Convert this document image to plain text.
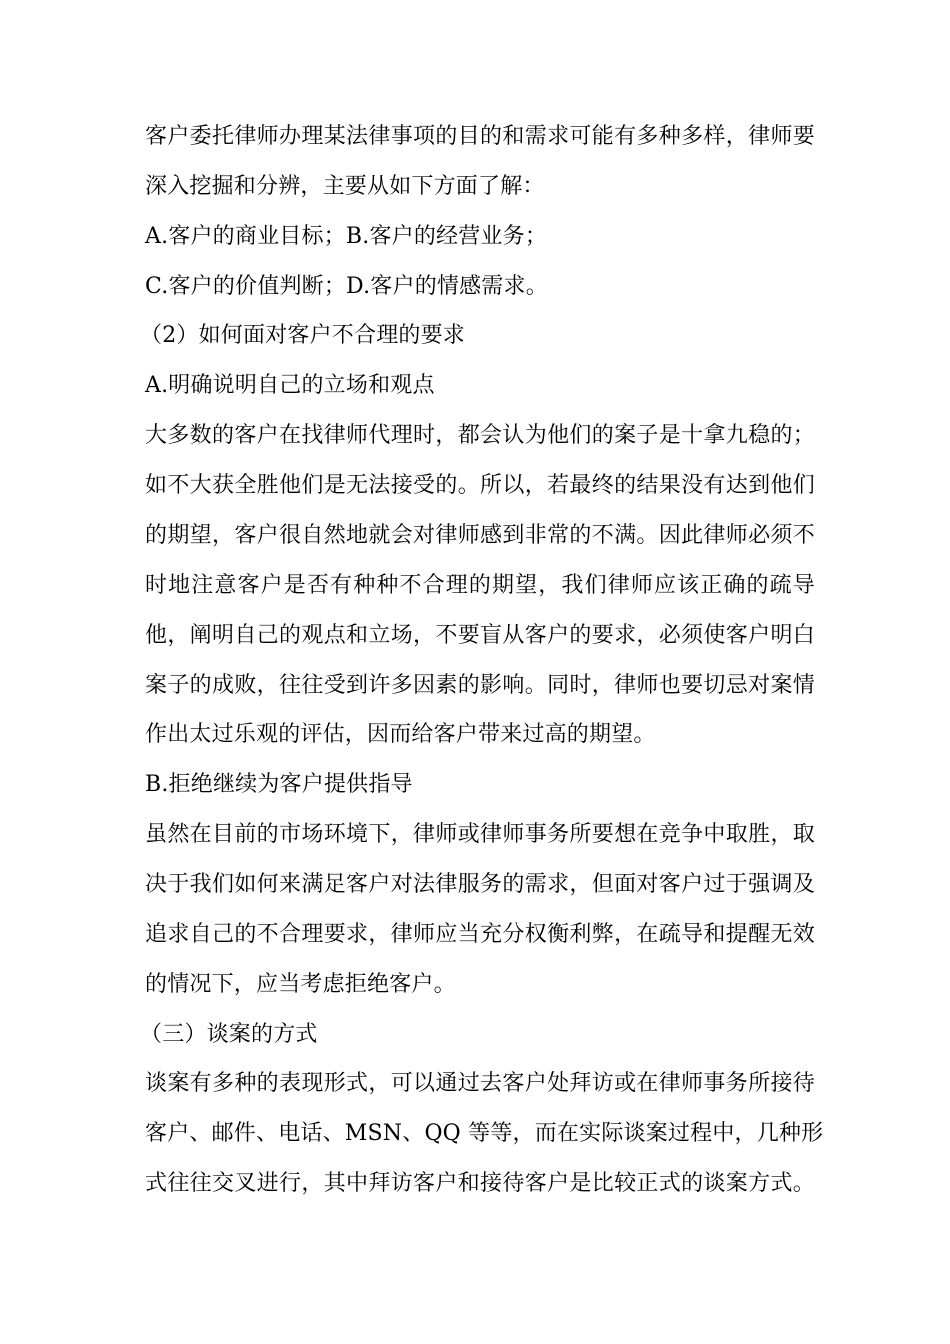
客户委托律师办理某法律事项的目的和需求可能有多种多样，律师要
深入挖掘和分辨，主要从如下方面了解：
A.客户的商业目标；B.客户的经营业务；
C.客户的价值判断；D.客户的情感需求。
（2）如何面对客户不合理的要求
A.明确说明自己的立场和观点
大多数的客户在找律师代理时，都会认为他们的案子是十拿九稳的；
如不大获全胜他们是无法接受的。所以，若最终的结果没有达到他们
的期望，客户很自然地就会对律师感到非常的不满。因此律师必须不
时地注意客户是否有种种不合理的期望，我们律师应该正确的疏导
他，阐明自己的观点和立场，不要盲从客户的要求，必须使客户明白
案子的成败，往往受到许多因素的影响。同时，律师也要切忌对案情
作出太过乐观的评估，因而给客户带来过高的期望。
B.拒绝继续为客户提供指导
虽然在目前的市场环境下，律师或律师事务所要想在竞争中取胜，取
决于我们如何来满足客户对法律服务的需求，但面对客户过于强调及
追求自己的不合理要求，律师应当充分权衡利弊，在疏导和提醒无效
的情况下，应当考虑拒绝客户。
（三）谈案的方式
谈案有多种的表现形式，可以通过去客户处拜访或在律师事务所接待
客户、邮件、电话、MSN、QQ 等等，而在实际谈案过程中，几种形
式往往交叉进行，其中拜访客户和接待客户是比较正式的谈案方式。
